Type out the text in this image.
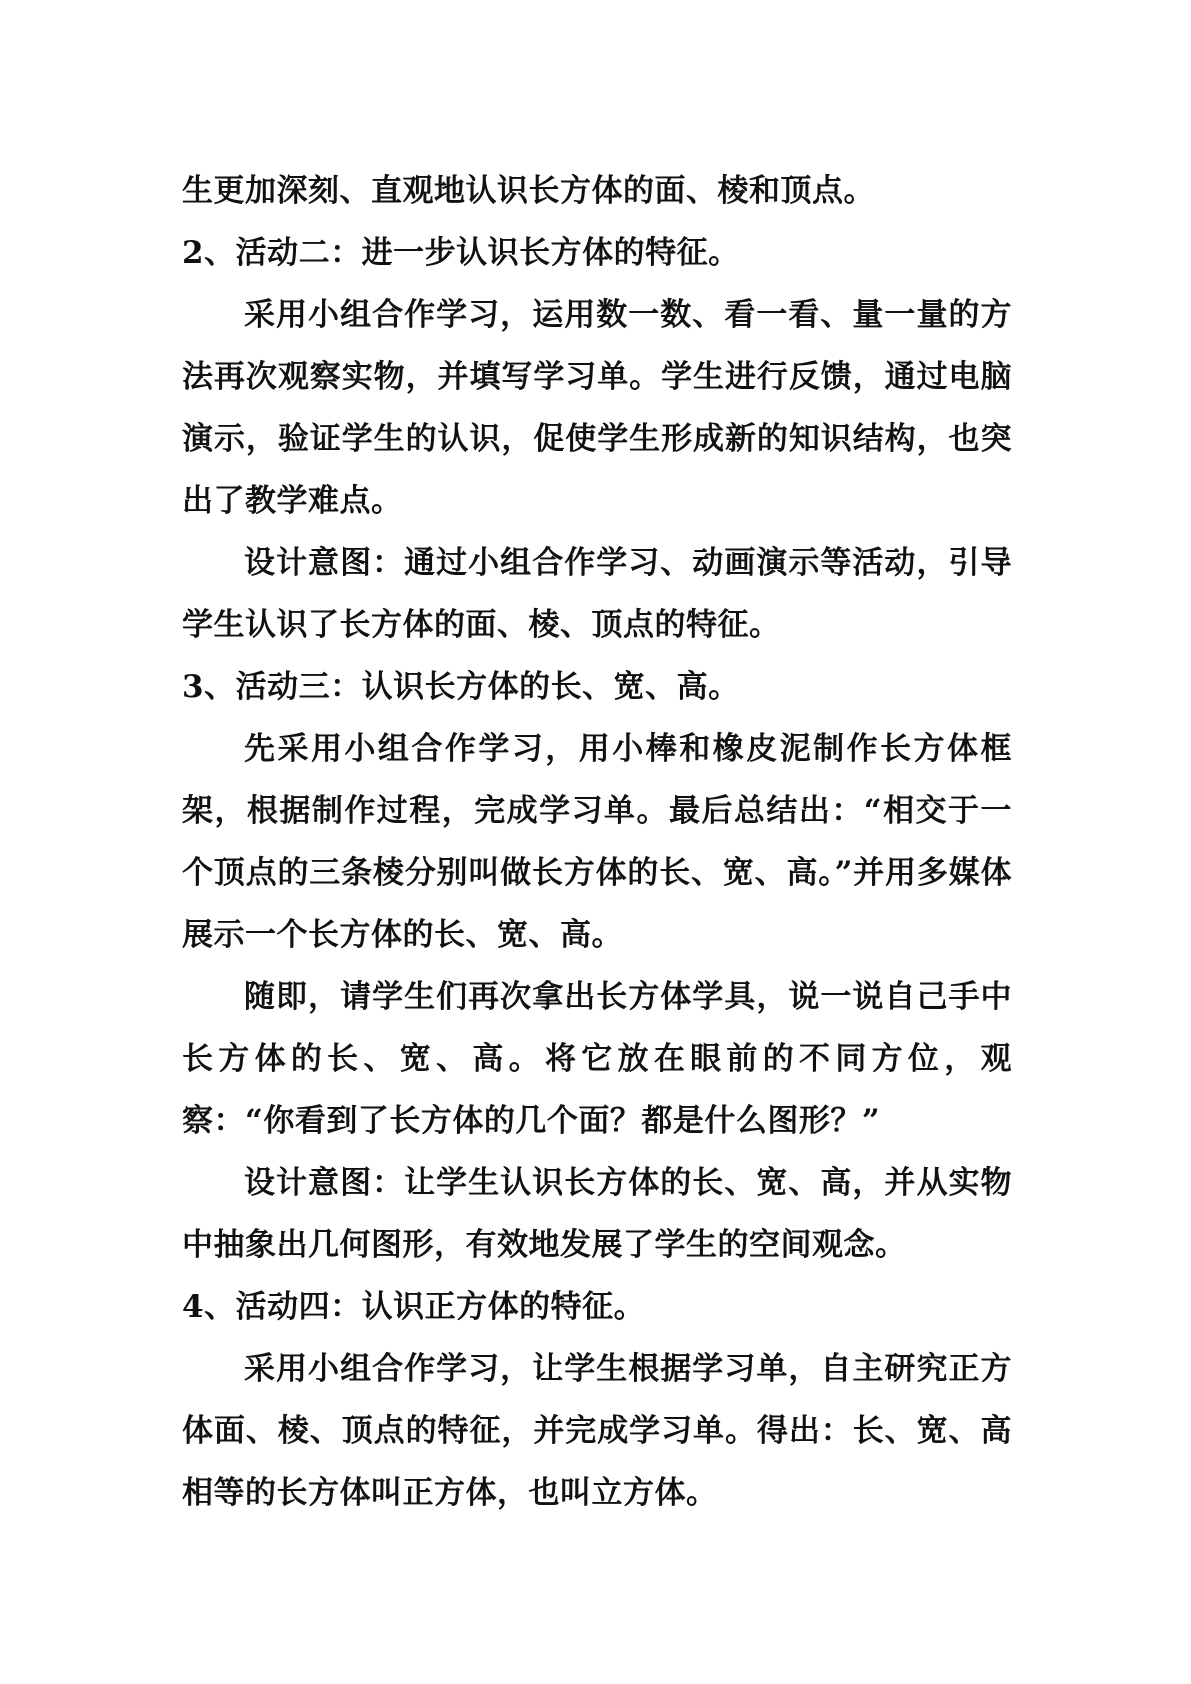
生更加深刻、直观地认识长方体的面、棱和顶点。

2、活动二：进一步认识长方体的特征。

采用小组合作学习，运用数一数、看一看、量一量的方法再次观察实物，并填写学习单。学生进行反馈，通过电脑演示，验证学生的认识，促使学生形成新的知识结构，也突出了教学难点。

设计意图：通过小组合作学习、动画演示等活动，引导学生认识了长方体的面、棱、顶点的特征。

3、活动三：认识长方体的长、宽、高。

先采用小组合作学习，用小棒和橡皮泥制作长方体框架，根据制作过程，完成学习单。最后总结出：“相交于一个顶点的三条棱分别叫做长方体的长、宽、高。”并用多媒体展示一个长方体的长、宽、高。

随即，请学生们再次拿出长方体学具，说一说自己手中长方体的长、宽、高。将它放在眼前的不同方位，观察：“你看到了长方体的几个面？都是什么图形？”

设计意图：让学生认识长方体的长、宽、高，并从实物中抽象出几何图形，有效地发展了学生的空间观念。

4、活动四：认识正方体的特征。

采用小组合作学习，让学生根据学习单，自主研究正方体面、棱、顶点的特征，并完成学习单。得出：长、宽、高相等的长方体叫正方体，也叫立方体。
